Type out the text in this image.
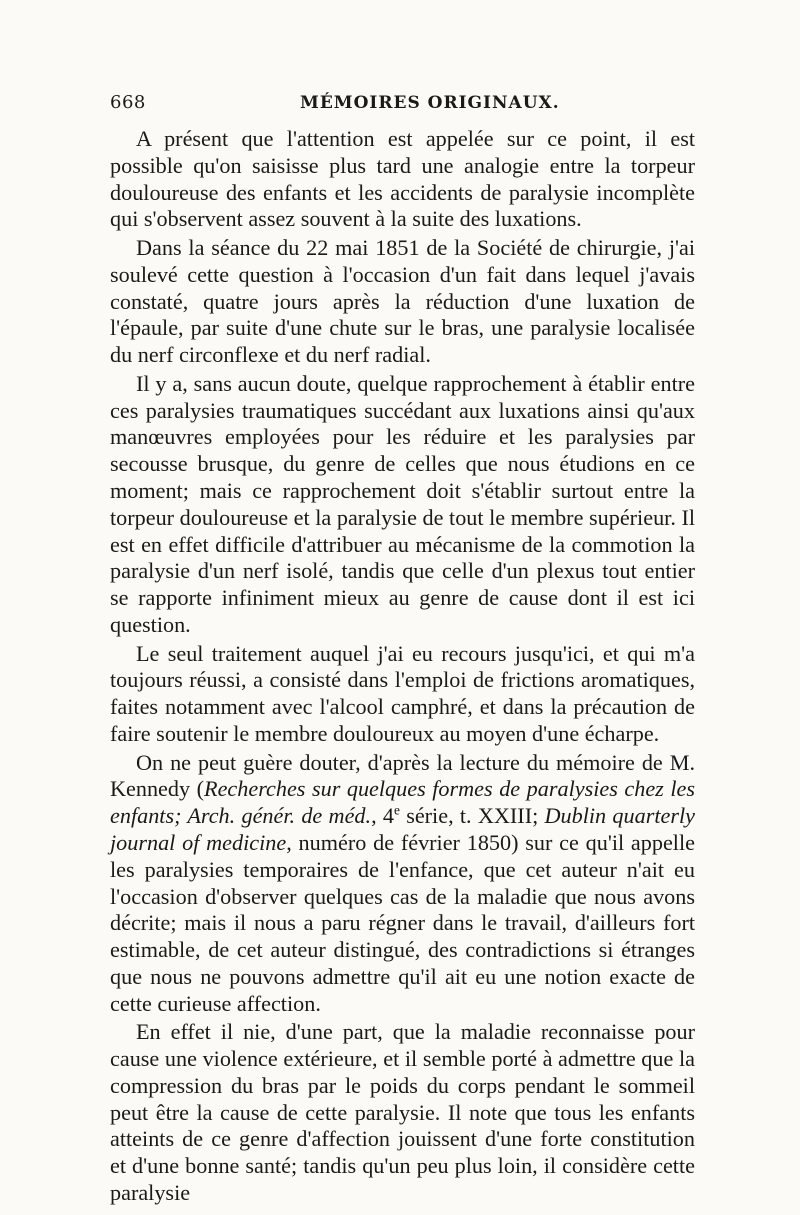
668	MÉMOIRES ORIGINAUX.

A présent que l'attention est appelée sur ce point, il est possible qu'on saisisse plus tard une analogie entre la torpeur douloureuse des enfants et les accidents de paralysie incomplète qui s'observent assez souvent à la suite des luxations.

Dans la séance du 22 mai 1851 de la Société de chirurgie, j'ai soulevé cette question à l'occasion d'un fait dans lequel j'avais constaté, quatre jours après la réduction d'une luxation de l'épaule, par suite d'une chute sur le bras, une paralysie localisée du nerf circonflexe et du nerf radial.

Il y a, sans aucun doute, quelque rapprochement à établir entre ces paralysies traumatiques succédant aux luxations ainsi qu'aux manœuvres employées pour les réduire et les paralysies par secousse brusque, du genre de celles que nous étudions en ce moment; mais ce rapprochement doit s'établir surtout entre la torpeur douloureuse et la paralysie de tout le membre supérieur. Il est en effet difficile d'attribuer au mécanisme de la commotion la paralysie d'un nerf isolé, tandis que celle d'un plexus tout entier se rapporte infiniment mieux au genre de cause dont il est ici question.

Le seul traitement auquel j'ai eu recours jusqu'ici, et qui m'a toujours réussi, a consisté dans l'emploi de frictions aromatiques, faites notamment avec l'alcool camphré, et dans la précaution de faire soutenir le membre douloureux au moyen d'une écharpe.

On ne peut guère douter, d'après la lecture du mémoire de M. Kennedy (Recherches sur quelques formes de paralysies chez les enfants; Arch. génér. de méd., 4e série, t. XXIII; Dublin quarterly journal of medicine, numéro de février 1850) sur ce qu'il appelle les paralysies temporaires de l'enfance, que cet auteur n'ait eu l'occasion d'observer quelques cas de la maladie que nous avons décrite; mais il nous a paru régner dans le travail, d'ailleurs fort estimable, de cet auteur distingué, des contradictions si étranges que nous ne pouvons admettre qu'il ait eu une notion exacte de cette curieuse affection.

En effet il nie, d'une part, que la maladie reconnaisse pour cause une violence extérieure, et il semble porté à admettre que la compression du bras par le poids du corps pendant le sommeil peut être la cause de cette paralysie. Il note que tous les enfants atteints de ce genre d'affection jouissent d'une forte constitution et d'une bonne santé; tandis qu'un peu plus loin, il considère cette paralysie
